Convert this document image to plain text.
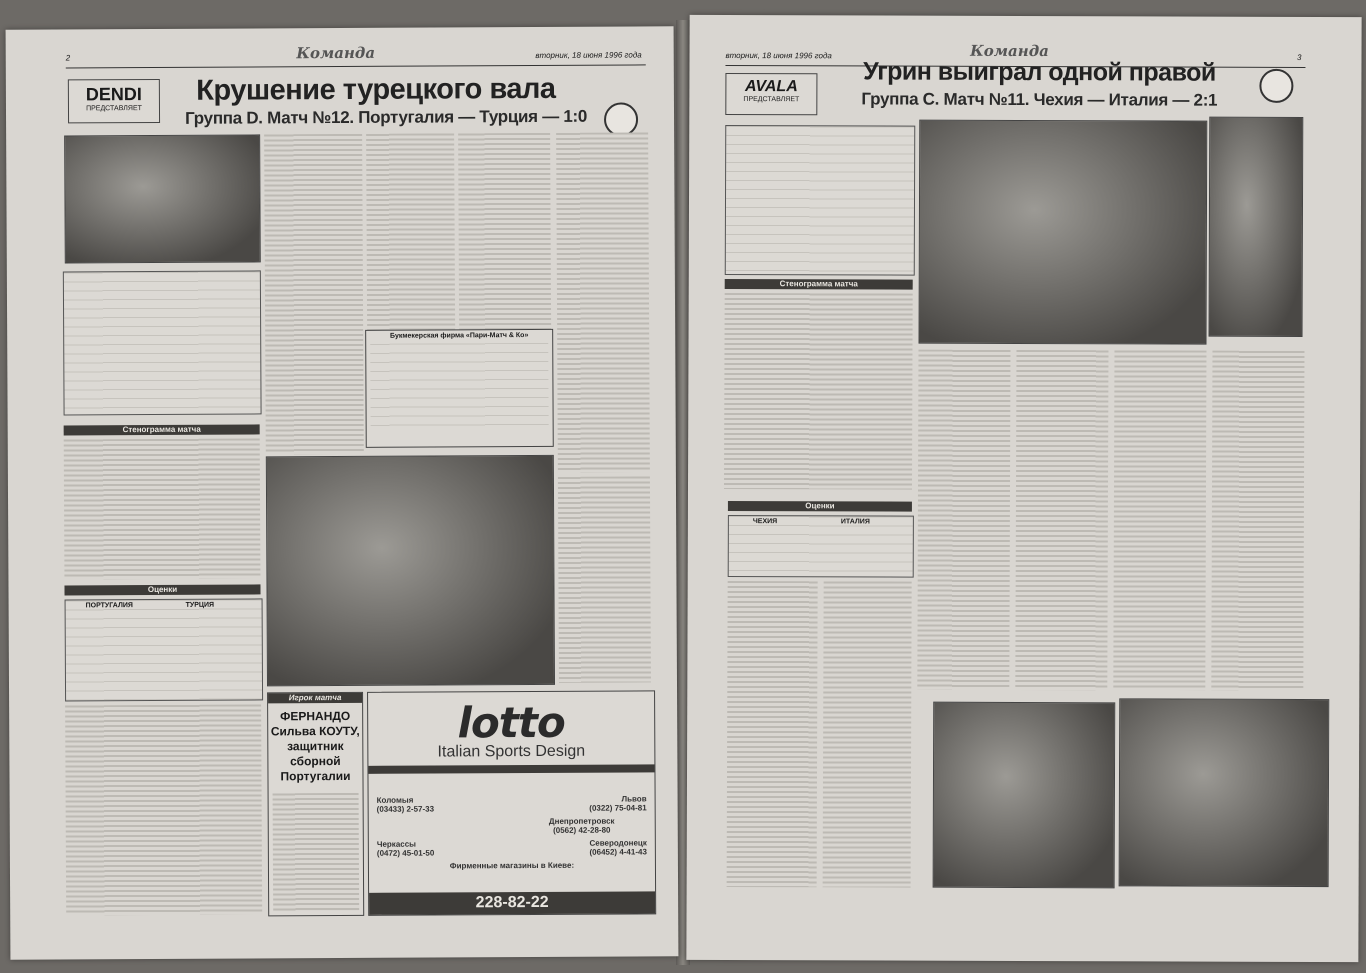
2	вторник, 18 июня 1996 года
Команда
DENDI
ПРЕДСТАВЛЯЕТ
Крушение турецкого вала
Группа D. Матч №12. Португалия — Турция — 1:0
Стенограмма матча
Оценки
ПОРТУГАЛИЯ	ТУРЦИЯ
Букмекерская фирма «Пари-Матч & Ко»
Игрок матча
ФЕРНАНДО
Сильва КОУТУ,
защитник сборной
Португалии
lotto
Italian Sports Design
Коломыя
(03433) 2-57-33
Львов
(0322) 75-04-81
Днепропетровск
(0562) 42-28-80
Черкассы
(0472) 45-01-50
Северодонецк
(06452) 4-41-43
Фирменные магазины в Киеве:
228-82-22
вторник, 18 июня 1996 года	3
Команда
AVALA
ПРЕДСТАВЛЯЕТ
Угрин выиграл одной правой
Группа С. Матч №11. Чехия — Италия — 2:1
Стенограмма матча
Оценки
ЧЕХИЯ	ИТАЛИЯ
